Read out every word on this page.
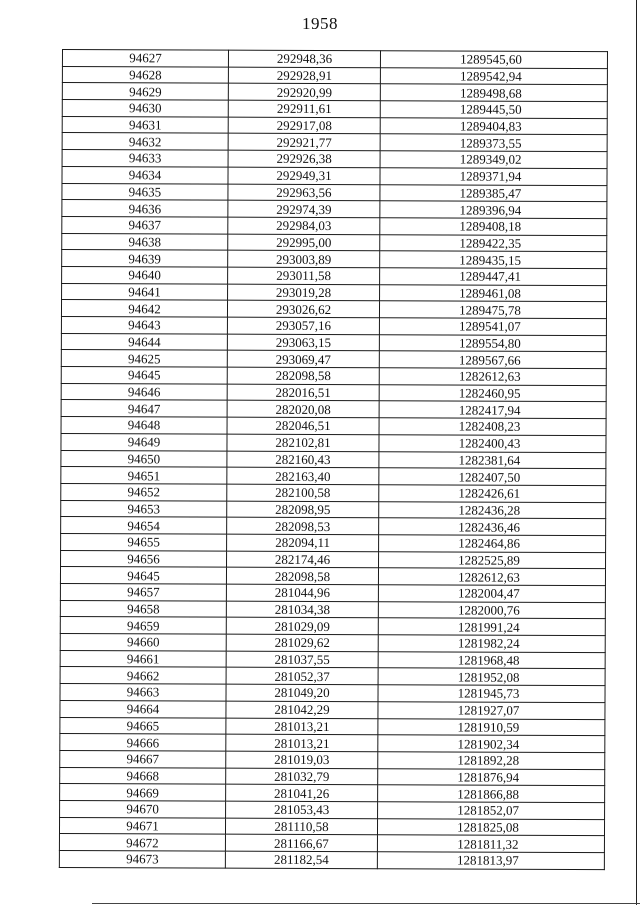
1958
94627	292948,36	1289545,60
94628	292928,91	1289542,94
94629	292920,99	1289498,68
94630	292911,61	1289445,50
94631	292917,08	1289404,83
94632	292921,77	1289373,55
94633	292926,38	1289349,02
94634	292949,31	1289371,94
94635	292963,56	1289385,47
94636	292974,39	1289396,94
94637	292984,03	1289408,18
94638	292995,00	1289422,35
94639	293003,89	1289435,15
94640	293011,58	1289447,41
94641	293019,28	1289461,08
94642	293026,62	1289475,78
94643	293057,16	1289541,07
94644	293063,15	1289554,80
94625	293069,47	1289567,66
94645	282098,58	1282612,63
94646	282016,51	1282460,95
94647	282020,08	1282417,94
94648	282046,51	1282408,23
94649	282102,81	1282400,43
94650	282160,43	1282381,64
94651	282163,40	1282407,50
94652	282100,58	1282426,61
94653	282098,95	1282436,28
94654	282098,53	1282436,46
94655	282094,11	1282464,86
94656	282174,46	1282525,89
94645	282098,58	1282612,63
94657	281044,96	1282004,47
94658	281034,38	1282000,76
94659	281029,09	1281991,24
94660	281029,62	1281982,24
94661	281037,55	1281968,48
94662	281052,37	1281952,08
94663	281049,20	1281945,73
94664	281042,29	1281927,07
94665	281013,21	1281910,59
94666	281013,21	1281902,34
94667	281019,03	1281892,28
94668	281032,79	1281876,94
94669	281041,26	1281866,88
94670	281053,43	1281852,07
94671	281110,58	1281825,08
94672	281166,67	1281811,32
94673	281182,54	1281813,97
